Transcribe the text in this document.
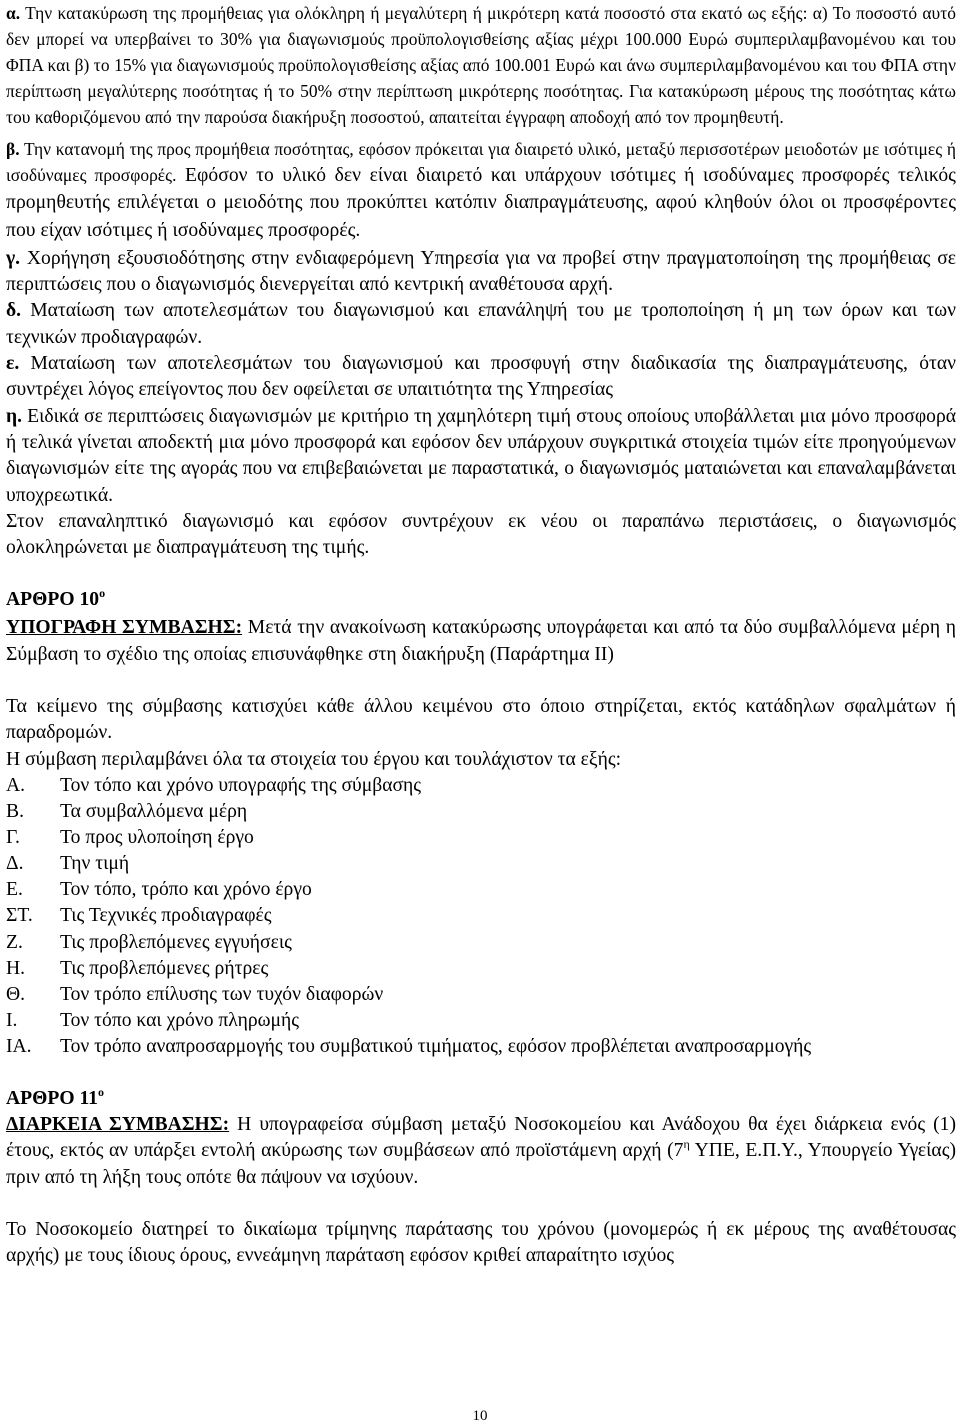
α. Την κατακύρωση της προμήθειας για ολόκληρη ή μεγαλύτερη ή μικρότερη κατά ποσοστό στα εκατό ως εξής: α) Το ποσοστό αυτό δεν μπορεί να υπερβαίνει το 30% για διαγωνισμούς προϋπολογισθείσης αξίας μέχρι 100.000 Ευρώ συμπεριλαμβανομένου και του ΦΠΑ και β) το 15% για διαγωνισμούς προϋπολογισθείσης αξίας από 100.001 Ευρώ και άνω συμπεριλαμβανομένου και του ΦΠΑ στην περίπτωση μεγαλύτερης ποσότητας ή το 50% στην περίπτωση μικρότερης ποσότητας. Για κατακύρωση μέρους της ποσότητας κάτω του καθοριζόμενου από την παρούσα διακήρυξη ποσοστού, απαιτείται έγγραφη αποδοχή από τον προμηθευτή.

β. Την κατανομή της προς προμήθεια ποσότητας, εφόσον πρόκειται για διαιρετό υλικό, μεταξύ περισσοτέρων μειοδοτών με ισότιμες ή ισοδύναμες προσφορές. Εφόσον το υλικό δεν είναι διαιρετό και υπάρχουν ισότιμες ή ισοδύναμες προσφορές τελικός προμηθευτής επιλέγεται ο μειοδότης που προκύπτει κατόπιν διαπραγμάτευσης, αφού κληθούν όλοι οι προσφέροντες που είχαν ισότιμες ή ισοδύναμες προσφορές.

γ. Χορήγηση εξουσιοδότησης στην ενδιαφερόμενη Υπηρεσία για να προβεί στην πραγματοποίηση της προμήθειας σε περιπτώσεις που ο διαγωνισμός διενεργείται από κεντρική αναθέτουσα αρχή.

δ. Ματαίωση των αποτελεσμάτων του διαγωνισμού και επανάληψή του με τροποποίηση ή μη των όρων και των τεχνικών προδιαγραφών.

ε. Ματαίωση των αποτελεσμάτων του διαγωνισμού και προσφυγή στην διαδικασία της διαπραγμάτευσης, όταν συντρέχει λόγος επείγοντος που δεν οφείλεται σε υπαιτιότητα της Υπηρεσίας

η. Ειδικά σε περιπτώσεις διαγωνισμών με κριτήριο τη χαμηλότερη τιμή στους οποίους υποβάλλεται μια μόνο προσφορά ή τελικά γίνεται αποδεκτή μια μόνο προσφορά και εφόσον δεν υπάρχουν συγκριτικά στοιχεία τιμών είτε προηγούμενων διαγωνισμών είτε της αγοράς που να επιβεβαιώνεται με παραστατικά, ο διαγωνισμός ματαιώνεται και επαναλαμβάνεται υποχρεωτικά.

Στον επαναληπτικό διαγωνισμό και εφόσον συντρέχουν εκ νέου οι παραπάνω περιστάσεις, ο διαγωνισμός ολοκληρώνεται με διαπραγμάτευση της τιμής.

ΑΡΘΡΟ $10^o$

ΥΠΟΓΡΑΦΗ ΣΥΜΒΑΣΗΣ: Μετά την ανακοίνωση κατακύρωσης υπογράφεται και από τα δύο συμβαλλόμενα μέρη η Σύμβαση το σχέδιο της οποίας επισυνάφθηκε στη διακήρυξη (Παράρτημα ΙΙ)

Τα κείμενο της σύμβασης κατισχύει κάθε άλλου κειμένου στο όποιο στηρίζεται, εκτός κατάδηλων σφαλμάτων ή παραδρομών.

Η σύμβαση περιλαμβάνει όλα τα στοιχεία του έργου και τουλάχιστον τα εξής:

Α.	Τον τόπο και χρόνο υπογραφής της σύμβασης
Β.	Τα συμβαλλόμενα μέρη
Γ.	Το προς υλοποίηση έργο
Δ.	Την τιμή
Ε.	Τον τόπο, τρόπο και χρόνο έργο
ΣΤ.	Τις Τεχνικές προδιαγραφές
Ζ.	Τις προβλεπόμενες εγγυήσεις
Η.	Τις προβλεπόμενες ρήτρες
Θ.	Τον τρόπο επίλυσης των τυχόν διαφορών
Ι.	Τον τόπο και χρόνο πληρωμής
ΙΑ.	Τον τρόπο αναπροσαρμογής του συμβατικού τιμήματος, εφόσον προβλέπεται αναπροσαρμογής
ΑΡΘΡΟ $11^o$

ΔΙΑΡΚΕΙΑ ΣΥΜΒΑΣΗΣ: Η υπογραφείσα σύμβαση μεταξύ Νοσοκομείου και Ανάδοχου θα έχει διάρκεια ενός (1) έτους, εκτός αν υπάρξει εντολή ακύρωσης των συμβάσεων από προϊστάμενη αρχή ($7^\eta$ ΥΠΕ, Ε.Π.Υ., Υπουργείο Υγείας) πριν από τη λήξη τους οπότε θα πάψουν να ισχύουν.

Το Νοσοκομείο διατηρεί το δικαίωμα τρίμηνης παράτασης του χρόνου (μονομερώς ή εκ μέρους της αναθέτουσας αρχής) με τους ίδιους όρους, εννεάμηνη παράταση εφόσον κριθεί απαραίτητο ισχύος

10
